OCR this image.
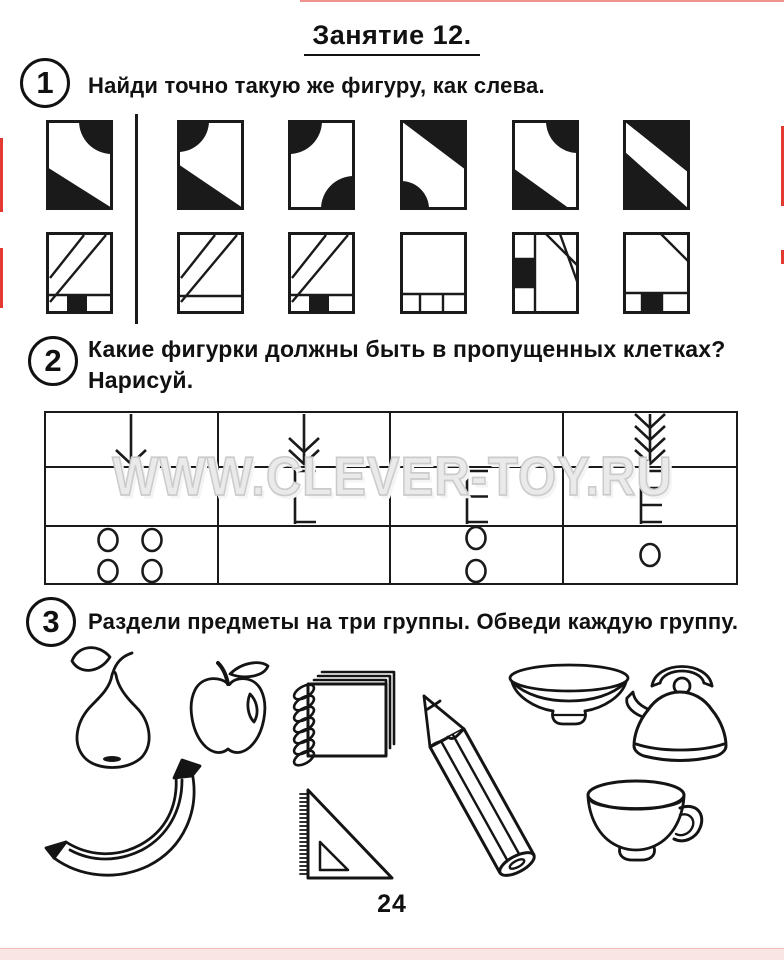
Занятие 12.
1 Найди точно такую же фигуру, как слева.
2 Какие фигурки должны быть в пропущенных клетках? Нарисуй.
WWW.CLEVER-TOY.RU
3 Раздели предметы на три группы. Обведи каждую группу.
24
